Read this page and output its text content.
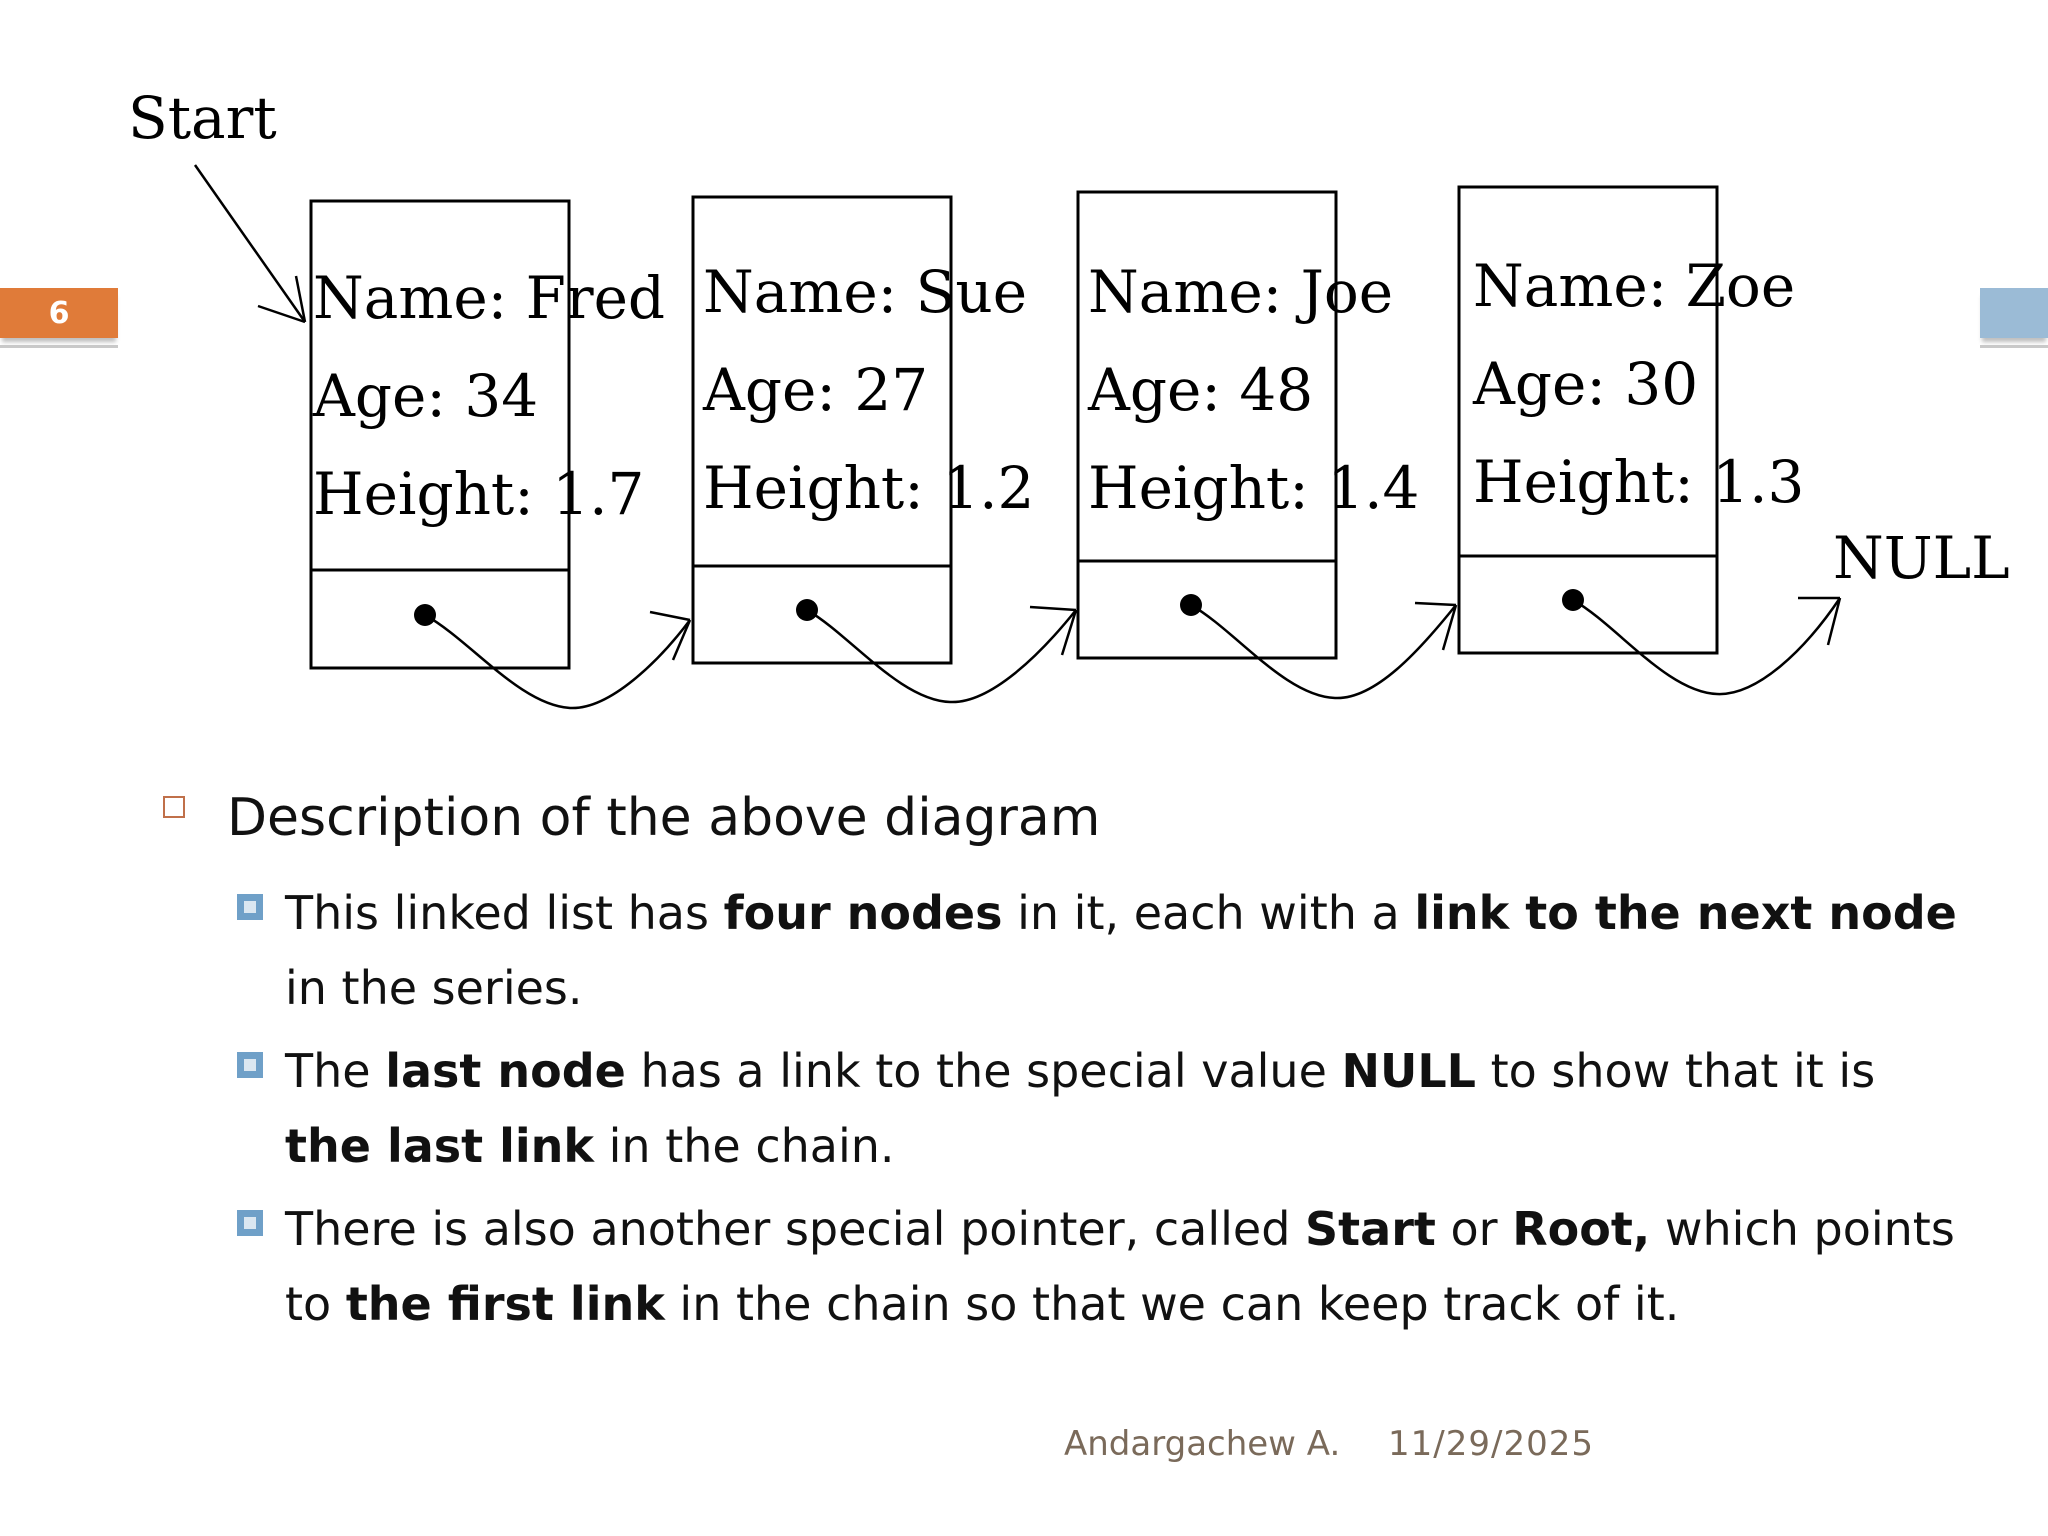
6
Start
Name: Fred
Age: 34
Height: 1.7
Name: Sue
Age: 27
Height: 1.2
Name: Joe
Age: 48
Height: 1.4
Name: Zoe
Age: 30
Height: 1.3
NULL
Description of the above diagram
This linked list has four nodes in it, each with a link to the next node in the series.
The last node has a link to the special value NULL to show that it is the last link in the chain.
There is also another special pointer, called Start or Root, which points to the first link in the chain so that we can keep track of it.
Andargachew A. 11/29/2025
